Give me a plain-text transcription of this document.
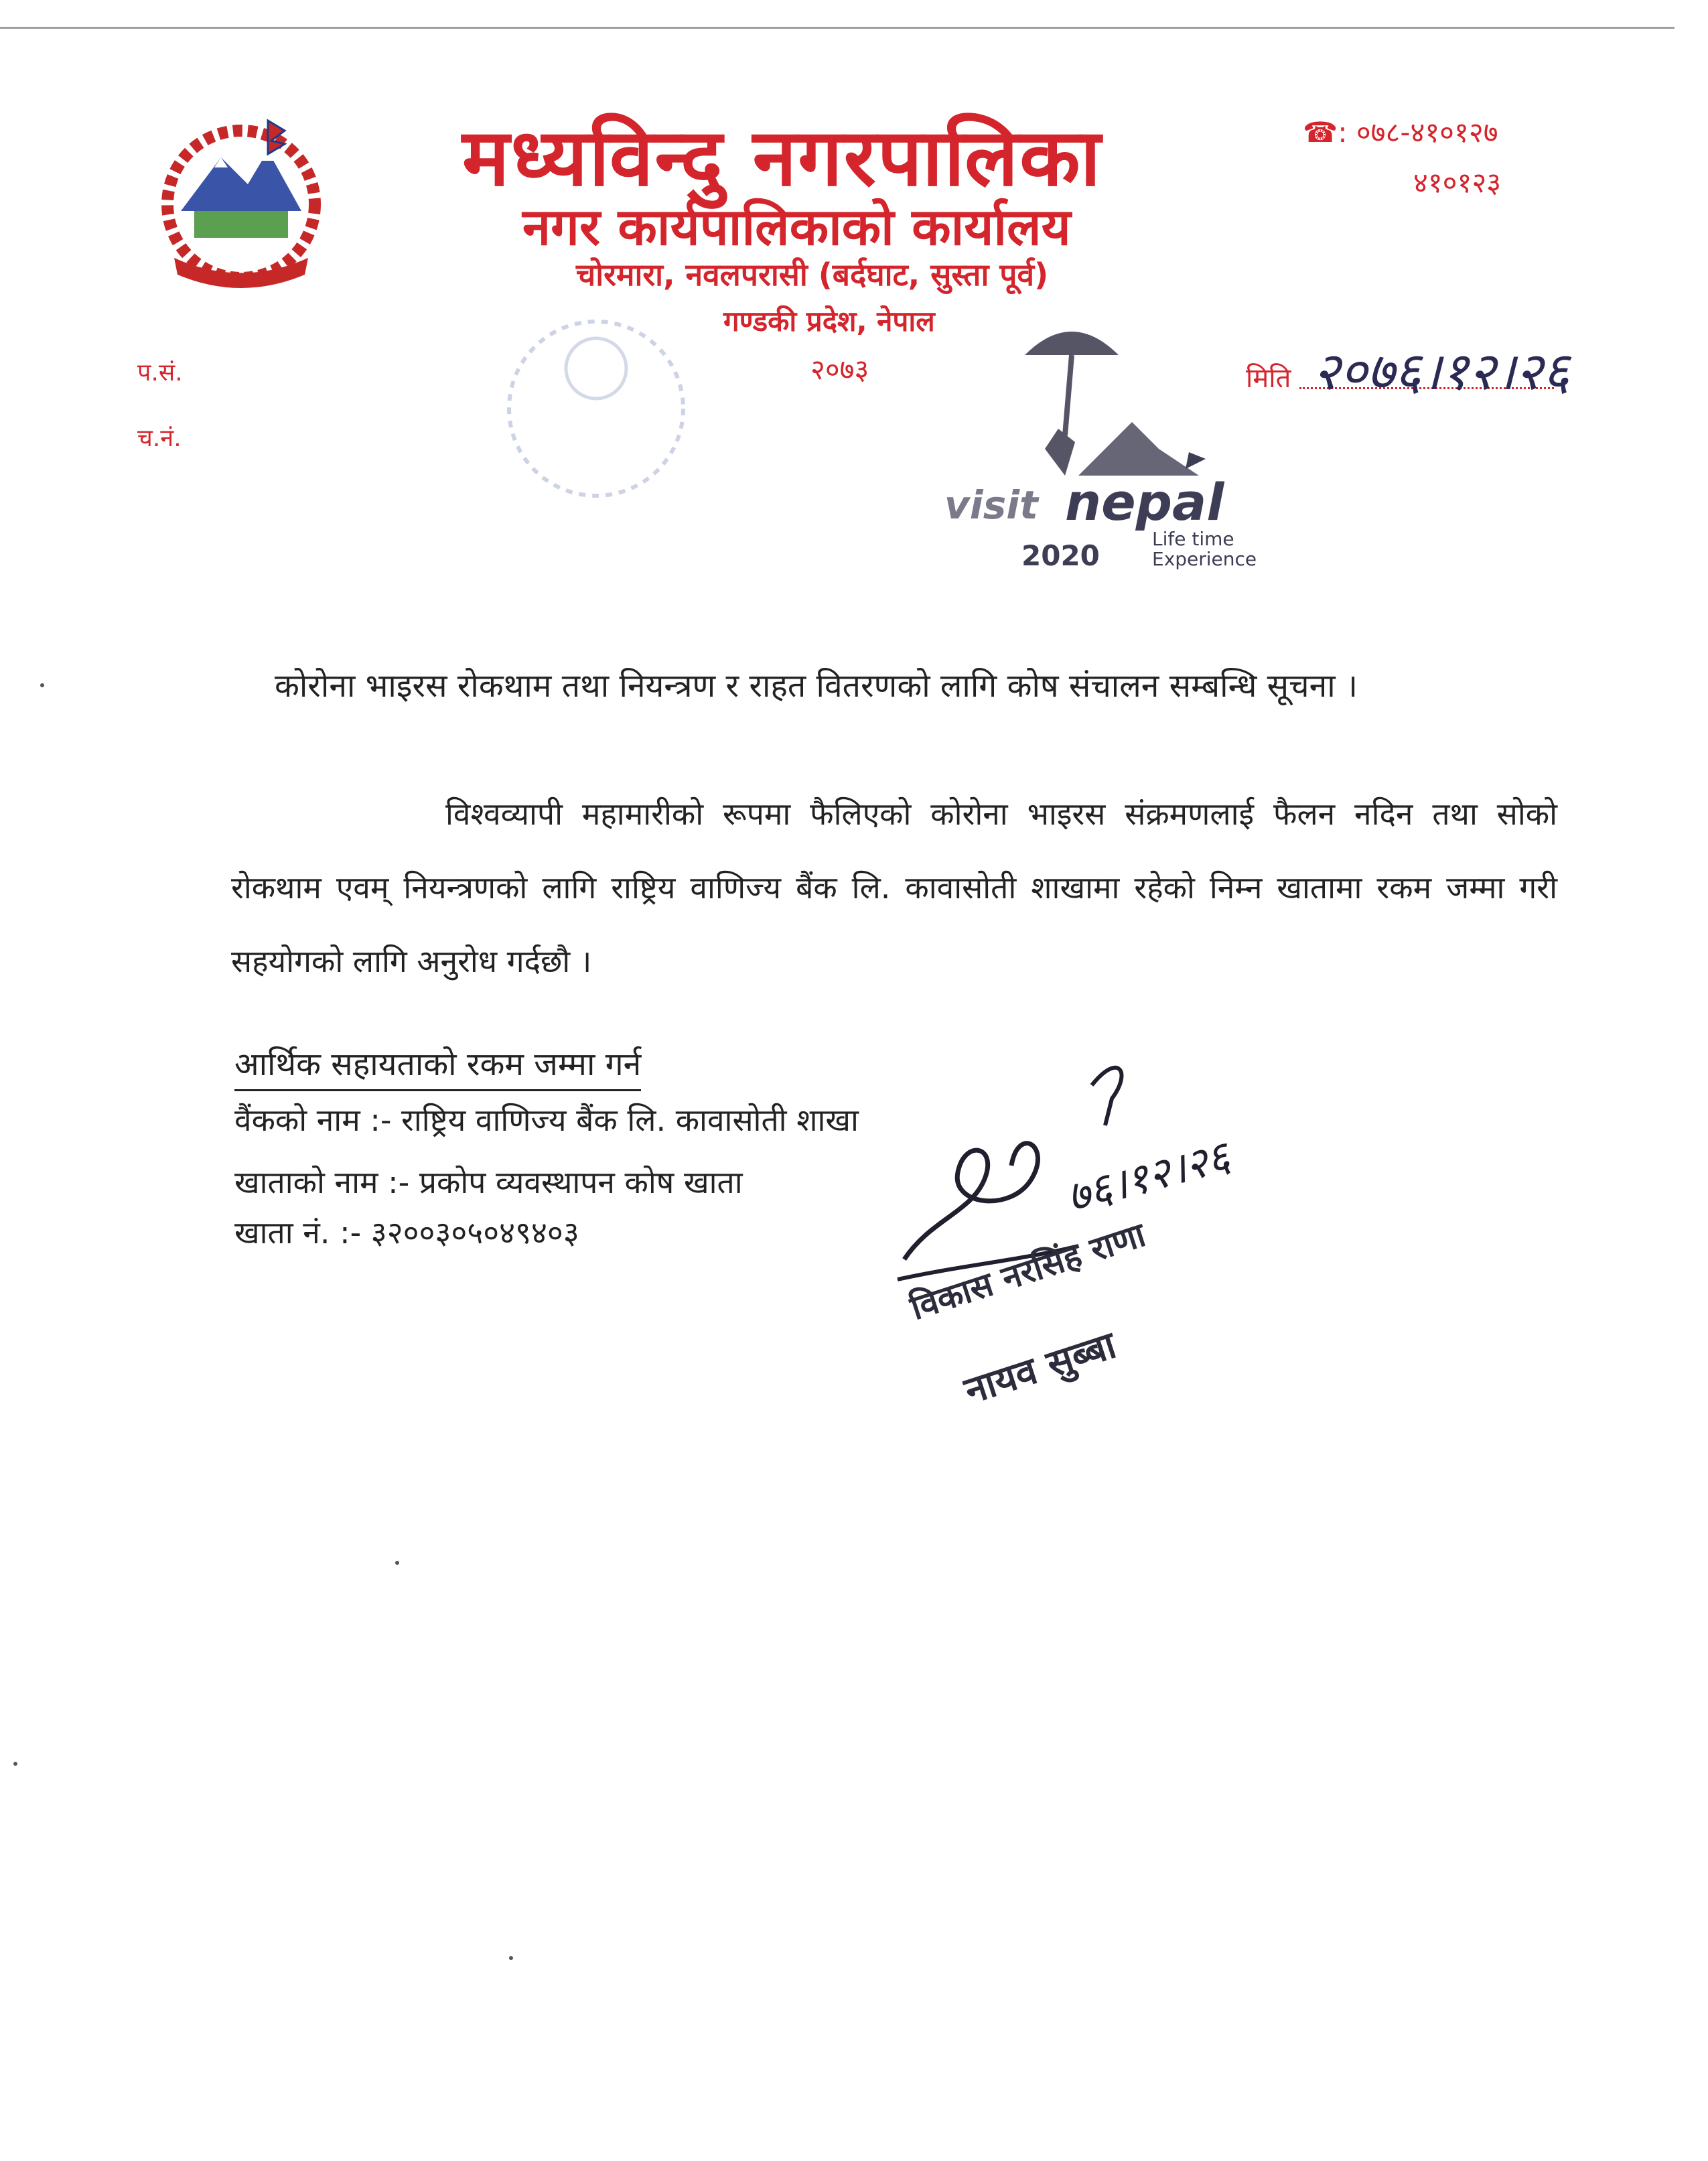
मध्यविन्दु नगरपालिका
नगर कार्यपालिकाको कार्यालय
चोरमारा, नवलपरासी (बर्दघाट, सुस्ता पूर्व)
गण्डकी प्रदेश, नेपाल
२०७३
☎: ०७८-४१०१२७
४१०१२३
प.सं.
च.नं.
मिति २०७६।१२।२६
visit nepal
Life time
Experience
2020
कोरोना भाइरस रोकथाम तथा नियन्त्रण र राहत वितरणको लागि कोष संचालन सम्बन्धि सूचना ।
विश्वव्यापी महामारीको रूपमा फैलिएको कोरोना भाइरस संक्रमणलाई फैलन नदिन तथा सोको रोकथाम एवम् नियन्त्रणको लागि राष्ट्रिय वाणिज्य बैंक लि. कावासोती शाखामा रहेको निम्न खातामा रकम जम्मा गरी सहयोगको लागि अनुरोध गर्दछौ ।
आर्थिक सहायताको रकम जम्मा गर्न
वैंकको नाम :- राष्ट्रिय वाणिज्य बैंक लि. कावासोती शाखा
खाताको नाम :- प्रकोप व्यवस्थापन कोष खाता
खाता नं. :- ३२००३०५०४९४०३
७६।१२।२६
विकास नरसिंह राणा
नायव सुब्बा
